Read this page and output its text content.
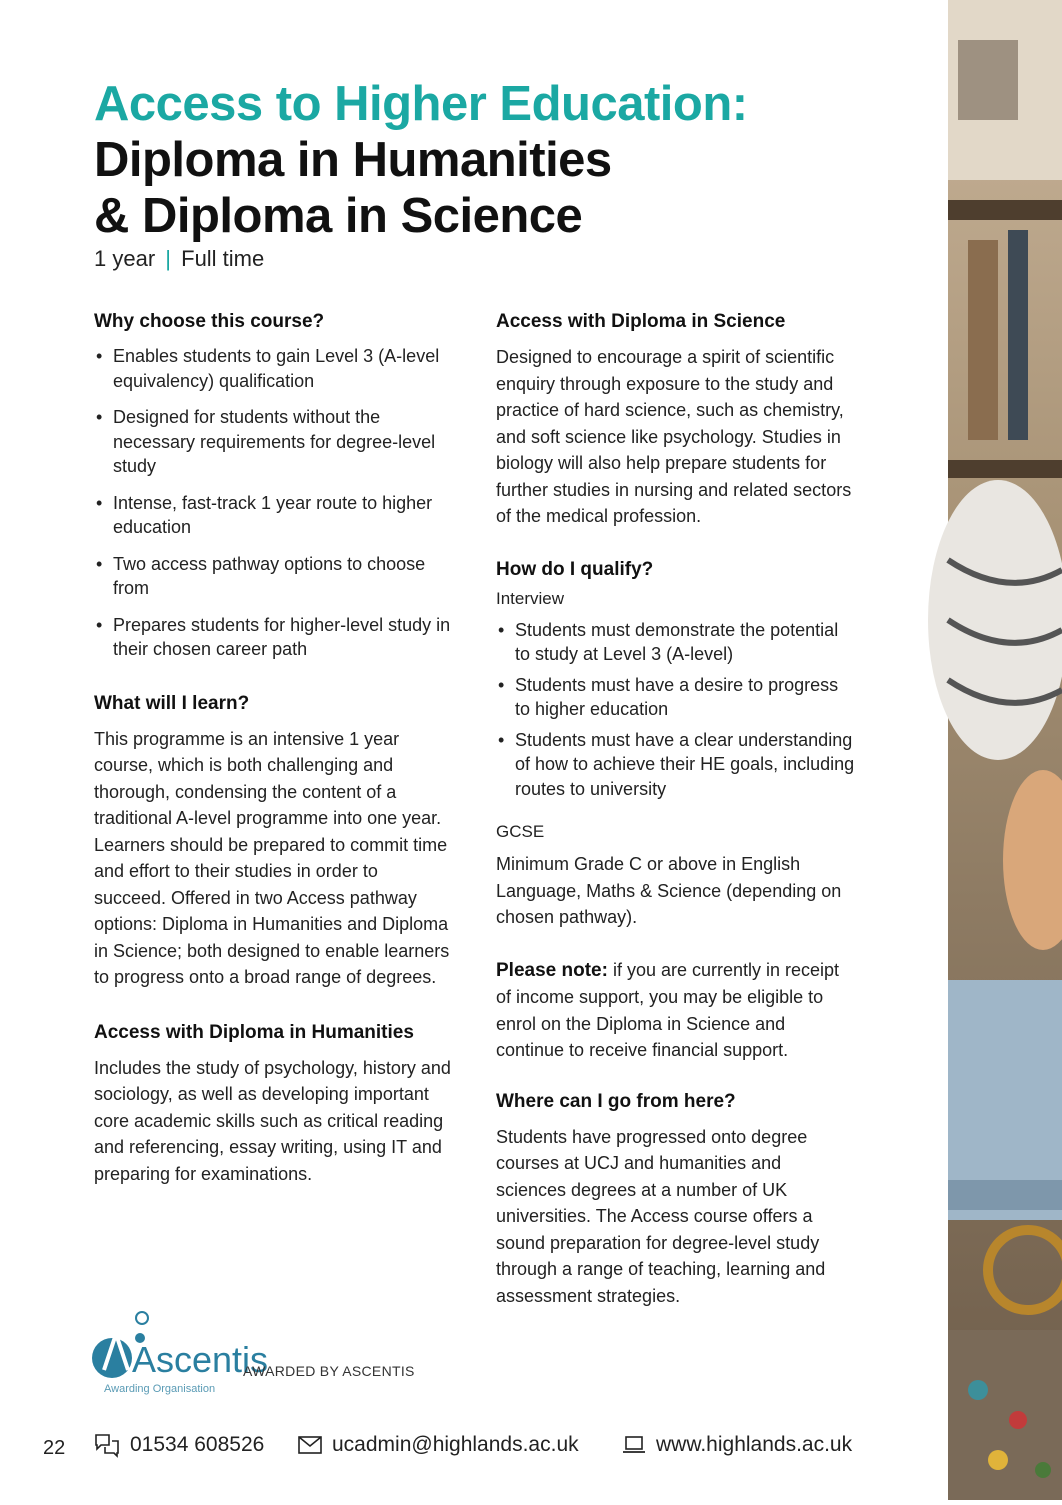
Access to Higher Education:
Diploma in Humanities
& Diploma in Science
1 year | Full time
Why choose this course?
• Enables students to gain Level 3 (A-level equivalency) qualification
• Designed for students without the necessary requirements for degree-level study
• Intense, fast-track 1 year route to higher education
• Two access pathway options to choose from
• Prepares students for higher-level study in their chosen career path
What will I learn?

This programme is an intensive 1 year course, which is both challenging and thorough, condensing the content of a traditional A-level programme into one year. Learners should be prepared to commit time and effort to their studies in order to succeed. Offered in two Access pathway options: Diploma in Humanities and Diploma in Science; both designed to enable learners to progress onto a broad range of degrees.

Access with Diploma in Humanities

Includes the study of psychology, history and sociology, as well as developing important core academic skills such as critical reading and referencing, essay writing, using IT and preparing for examinations.

Access with Diploma in Science

Designed to encourage a spirit of scientific enquiry through exposure to the study and practice of hard science, such as chemistry, and soft science like psychology. Studies in biology will also help prepare students for further studies in nursing and related sectors of the medical profession.

How do I qualify?
Interview
• Students must demonstrate the potential to study at Level 3 (A-level)
• Students must have a desire to progress to higher education
• Students must have a clear understanding of how to achieve their HE goals, including routes to university
GCSE

Minimum Grade C or above in English Language, Maths & Science (depending on chosen pathway).

Please note: if you are currently in receipt of income support, you may be eligible to enrol on the Diploma in Science and continue to receive financial support.

Where can I go from here?

Students have progressed onto degree courses at UCJ and humanities and sciences degrees at a number of UK universities. The Access course offers a sound preparation for degree-level study through a range of teaching, learning and assessment strategies.

Ascentis
Awarding Organisation
AWARDED BY ASCENTIS
22	01534 608526	ucadmin@highlands.ac.uk	www.highlands.ac.uk
